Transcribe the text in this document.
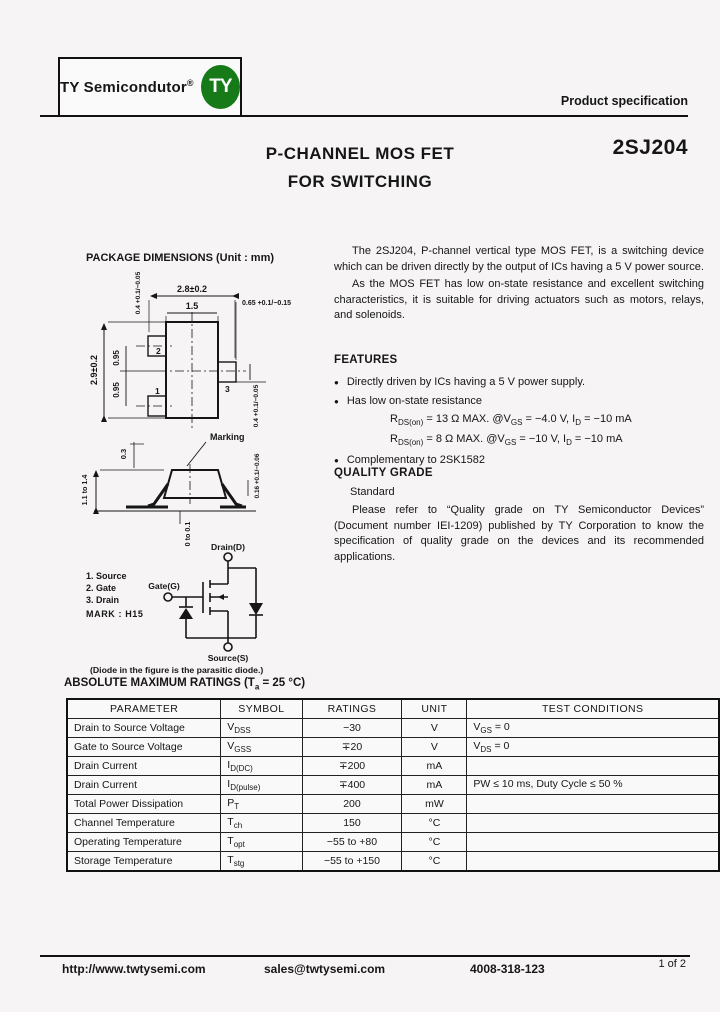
TY Semicondutor® TY
Product specification
P-CHANNEL MOS FET
FOR SWITCHING
2SJ204
PACKAGE DIMENSIONS (Unit : mm)
2.8±0.2
1.5	0.65 +0.1/−0.15
0.4 +0.1/−0.05
2.9±0.2 0.95
0.95	0.4 +0.1/−0.05
2
1	3
Marking
0.3
1.1 to 1.4	0.16 +0.1/−0.06
0 to 0.1
Drain(D)
Gate(G)
Source(S)
1. Source
2. Gate
3. Drain
MARK : H15
(Diode in the figure is the parasitic diode.)

The 2SJ204, P-channel vertical type MOS FET, is a switching device which can be driven directly by the output of ICs having a 5 V power source.

As the MOS FET has low on-state resistance and excellent switching characteristics, it is suitable for driving actuators such as motors, relays, and solenoids.

FEATURES
● Directly driven by ICs having a 5 V power supply.
● Has low on-state resistance
$R_{DS(on)} = 13$ Ω MAX. $@V_{GS} = -4.0$ V, $I_D = -10$ mA
$R_{DS(on)} = 8$ Ω MAX. $@V_{GS} = -10$ V, $I_D = -10$ mA
● Complementary to 2SK1582
QUALITY GRADE
Standard

Please refer to “Quality grade on TY Semiconductor Devices” (Document number IEI-1209) published by TY Corporation to know the specification of quality grade on the devices and its recommended applications.

ABSOLUTE MAXIMUM RATINGS ($T_a = 25$ °C)
PARAMETER	SYMBOL	RATINGS	UNIT	TEST CONDITIONS
Drain to Source Voltage	$V_{DSS}$	−30	V	$V_{GS} = 0$
Gate to Source Voltage	$V_{GSS}$	∓20	V	$V_{DS} = 0$
Drain Current	$I_{D(DC)}$	∓200	mA	
Drain Current	$I_{D(pulse)}$	∓400	mA	PW ≤ 10 ms, Duty Cycle ≤ 50 %
Total Power Dissipation	$P_T$	200	mW	
Channel Temperature	$T_{ch}$	150	°C	
Operating Temperature	$T_{opt}$	−55 to +80	°C	
Storage Temperature	$T_{stg}$	−55 to +150	°C	
http://www.twtysemi.com	sales@twtysemi.com	4008-318-123	1 of 2
